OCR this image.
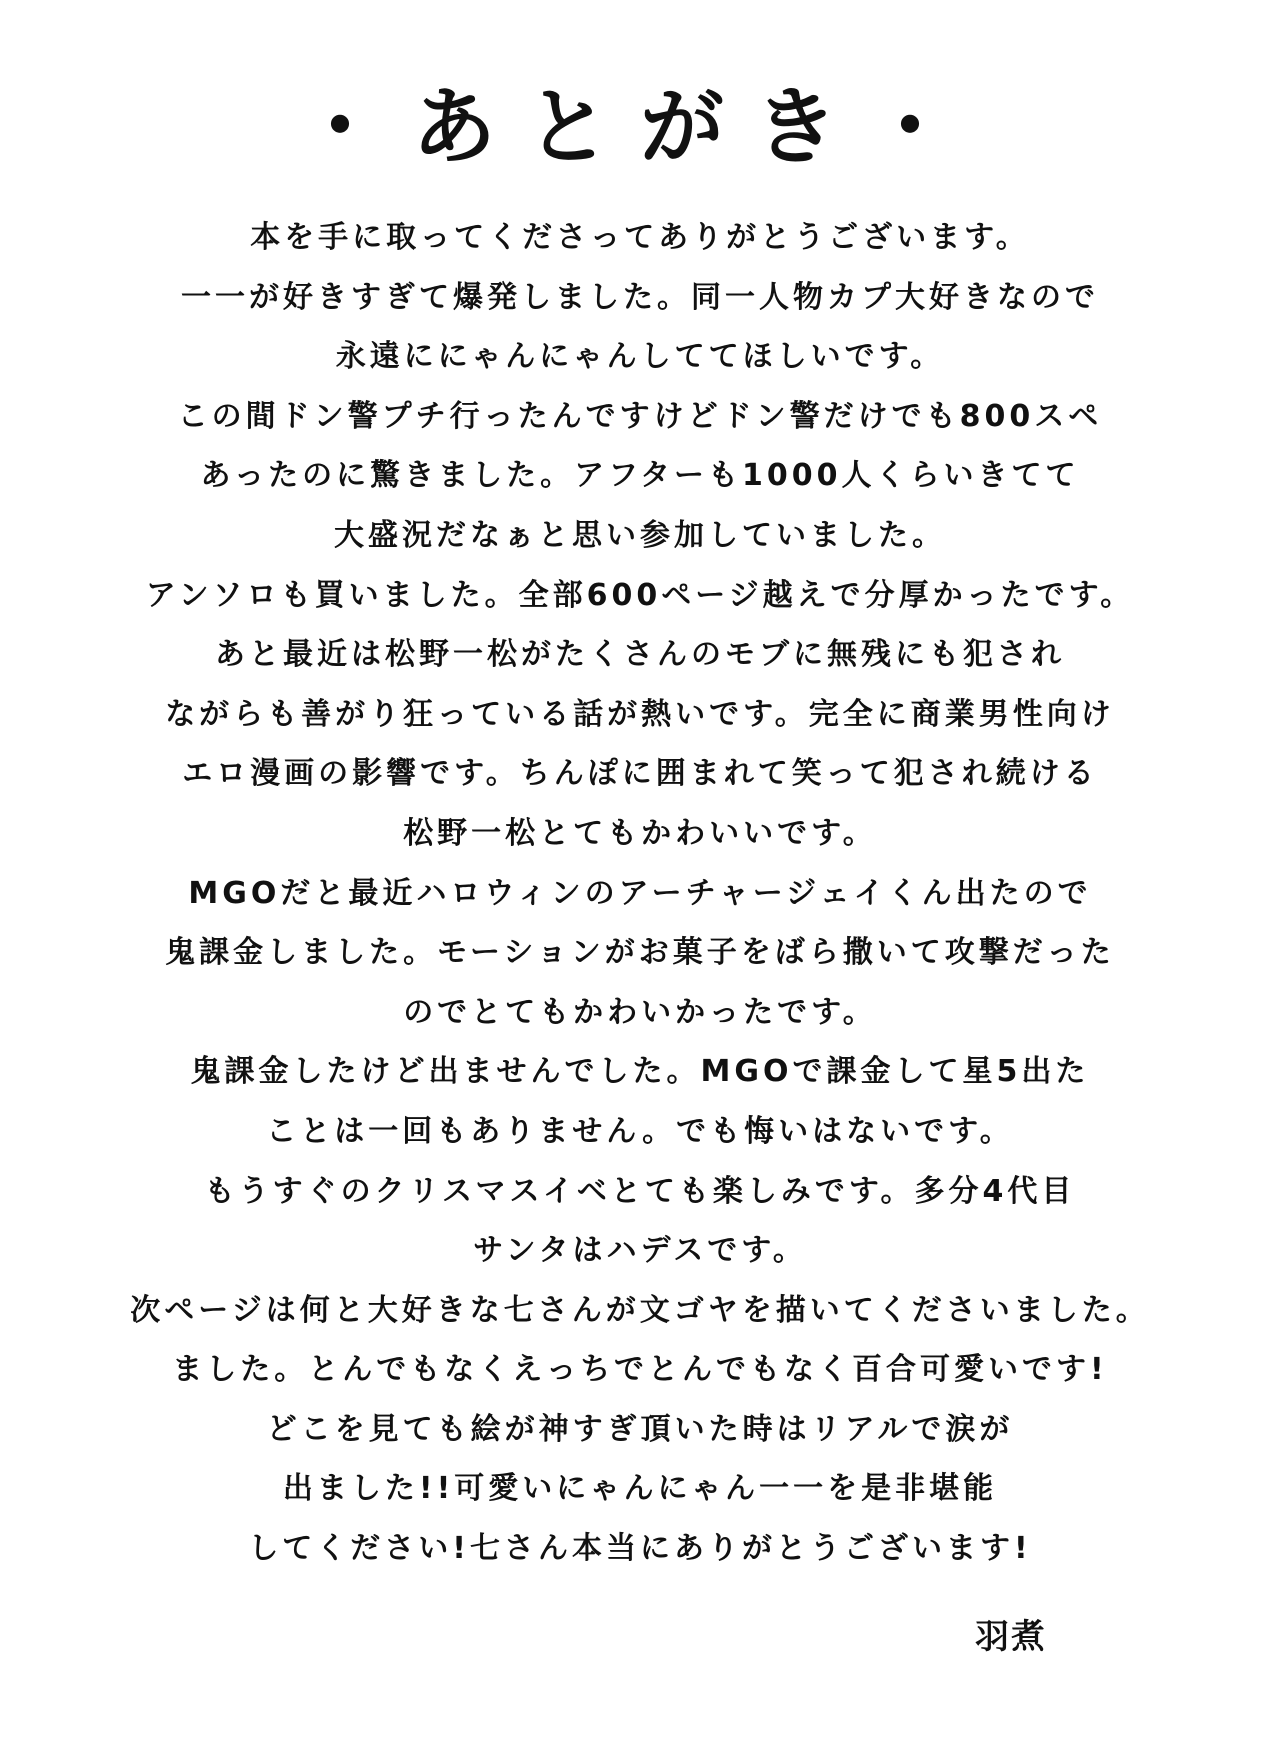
・あとがき・
本を手に取ってくださってありがとうございます。
一一が好きすぎて爆発しました。同一人物カプ大好きなので
永遠ににゃんにゃんしててほしいです。
この間ドン警プチ行ったんですけどドン警だけでも800スペ
あったのに驚きました。アフターも1000人くらいきてて
大盛況だなぁと思い参加していました。
アンソロも買いました。全部600ページ越えで分厚かったです。
あと最近は松野一松がたくさんのモブに無残にも犯され
ながらも善がり狂っている話が熱いです。完全に商業男性向け
エロ漫画の影響です。ちんぽに囲まれて笑って犯され続ける
松野一松とてもかわいいです。
MGOだと最近ハロウィンのアーチャージェイくん出たので
鬼課金しました。モーションがお菓子をばら撒いて攻撃だった
のでとてもかわいかったです。
鬼課金したけど出ませんでした。MGOで課金して星5出た
ことは一回もありません。でも悔いはないです。
もうすぐのクリスマスイベとても楽しみです。多分4代目
サンタはハデスです。
次ページは何と大好きな七さんが文ゴヤを描いてくださいました。
ました。とんでもなくえっちでとんでもなく百合可愛いです!
どこを見ても絵が神すぎ頂いた時はリアルで涙が
出ました!!可愛いにゃんにゃん一一を是非堪能
してください!七さん本当にありがとうございます!
羽煮
